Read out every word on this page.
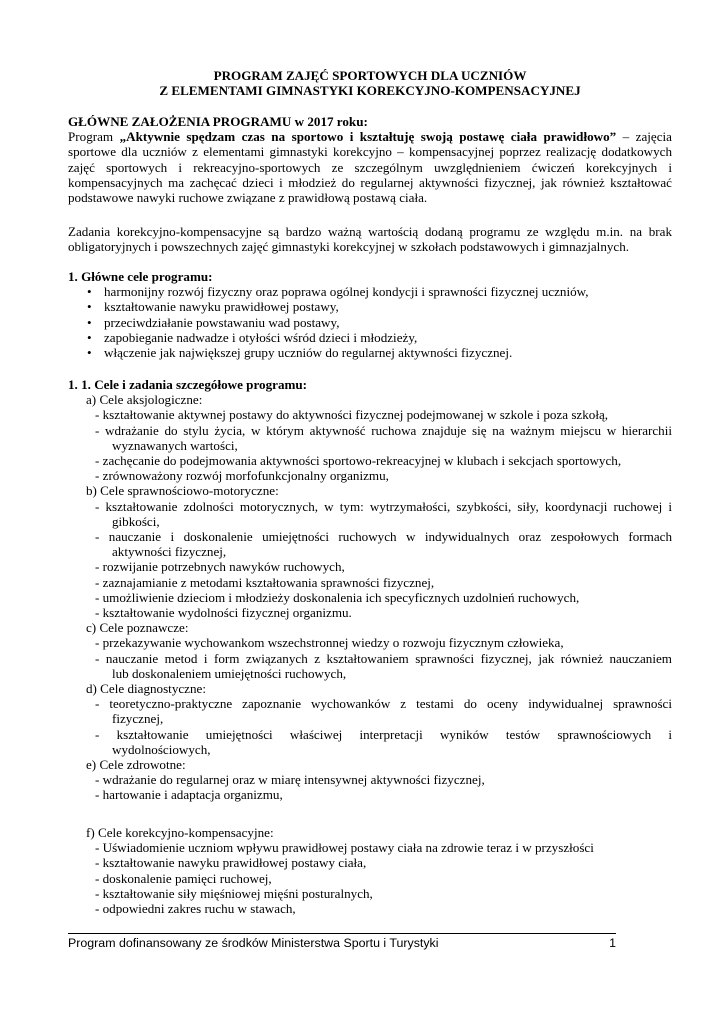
PROGRAM ZAJĘĆ SPORTOWYCH DLA UCZNIÓW
Z ELEMENTAMI GIMNASTYKI KOREKCYJNO-KOMPENSACYJNEJ

GŁÓWNE ZAŁOŻENIA PROGRAMU w 2017 roku:

Program „Aktywnie spędzam czas na sportowo i kształtuję swoją postawę ciała prawidłowo” – zajęcia sportowe dla uczniów z elementami gimnastyki korekcyjno – kompensacyjnej poprzez realizację dodatkowych zajęć sportowych i rekreacyjno-sportowych ze szczególnym uwzględnieniem ćwiczeń korekcyjnych i kompensacyjnych ma zachęcać dzieci i młodzież do regularnej aktywności fizycznej, jak również kształtować podstawowe nawyki ruchowe związane z prawidłową postawą ciała.

Zadania korekcyjno-kompensacyjne są bardzo ważną wartością dodaną programu ze względu m.in. na brak obligatoryjnych i powszechnych zajęć gimnastyki korekcyjnej w szkołach podstawowych i gimnazjalnych.

1. Główne cele programu:

• harmonijny rozwój fizyczny oraz poprawa ogólnej kondycji i sprawności fizycznej uczniów,
• kształtowanie nawyku prawidłowej postawy,
• przeciwdziałanie powstawaniu wad postawy,
• zapobieganie nadwadze i otyłości wśród dzieci i młodzieży,
• włączenie jak największej grupy uczniów do regularnej aktywności fizycznej.

1. 1. Cele i zadania szczegółowe programu:

a) Cele aksjologiczne:

- kształtowanie aktywnej postawy do aktywności fizycznej podejmowanej w szkole i poza szkołą,

- wdrażanie do stylu życia, w którym aktywność ruchowa znajduje się na ważnym miejscu w hierarchii

wyznawanych wartości,

- zachęcanie do podejmowania aktywności sportowo-rekreacyjnej w klubach i sekcjach sportowych,

- zrównoważony rozwój morfofunkcjonalny organizmu,

b) Cele sprawnościowo-motoryczne:

- kształtowanie zdolności motorycznych, w tym: wytrzymałości, szybkości, siły, koordynacji ruchowej i

gibkości,

- nauczanie i doskonalenie umiejętności ruchowych w indywidualnych oraz zespołowych formach

aktywności fizycznej,

- rozwijanie potrzebnych nawyków ruchowych,

- zaznajamianie z metodami kształtowania sprawności fizycznej,

- umożliwienie dzieciom i młodzieży doskonalenia ich specyficznych uzdolnień ruchowych,

- kształtowanie wydolności fizycznej organizmu.

c) Cele poznawcze:

- przekazywanie wychowankom wszechstronnej wiedzy o rozwoju fizycznym człowieka,

- nauczanie metod i form związanych z kształtowaniem sprawności fizycznej, jak również nauczaniem

lub doskonaleniem umiejętności ruchowych,

d) Cele diagnostyczne:

- teoretyczno-praktyczne zapoznanie wychowanków z testami do oceny indywidualnej sprawności

fizycznej,

- kształtowanie umiejętności właściwej interpretacji wyników testów sprawnościowych i

wydolnościowych,

e) Cele zdrowotne:

- wdrażanie do regularnej oraz w miarę intensywnej aktywności fizycznej,

- hartowanie i adaptacja organizmu,

f) Cele korekcyjno-kompensacyjne:

- Uświadomienie uczniom wpływu prawidłowej postawy ciała na zdrowie teraz i w przyszłości

- kształtowanie nawyku prawidłowej postawy ciała,

- doskonalenie pamięci ruchowej,

- kształtowanie siły mięśniowej mięśni posturalnych,

- odpowiedni zakres ruchu w stawach,

Program dofinansowany ze środków Ministerstwa Sportu i Turystyki	1
